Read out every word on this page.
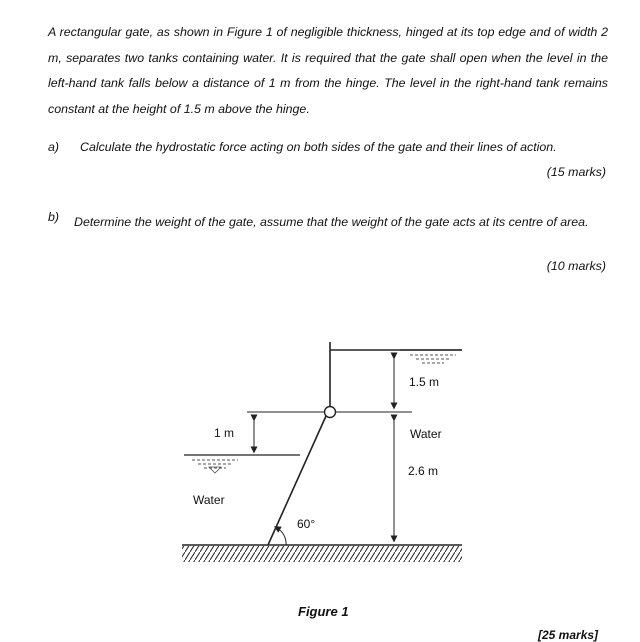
A rectangular gate, as shown in Figure 1 of negligible thickness, hinged at its top edge and of width 2 m, separates two tanks containing water. It is required that the gate shall open when the level in the left-hand tank falls below a distance of 1 m from the hinge. The level in the right-hand tank remains constant at the height of 1.5 m above the hinge.
a) Calculate the hydrostatic force acting on both sides of the gate and their lines of action.
(15 marks)
b) Determine the weight of the gate, assume that the weight of the gate acts at its centre of area.
(10 marks)
1 m
1.5 m
Water
2.6 m
Water
60°
Figure 1
[25 marks]
